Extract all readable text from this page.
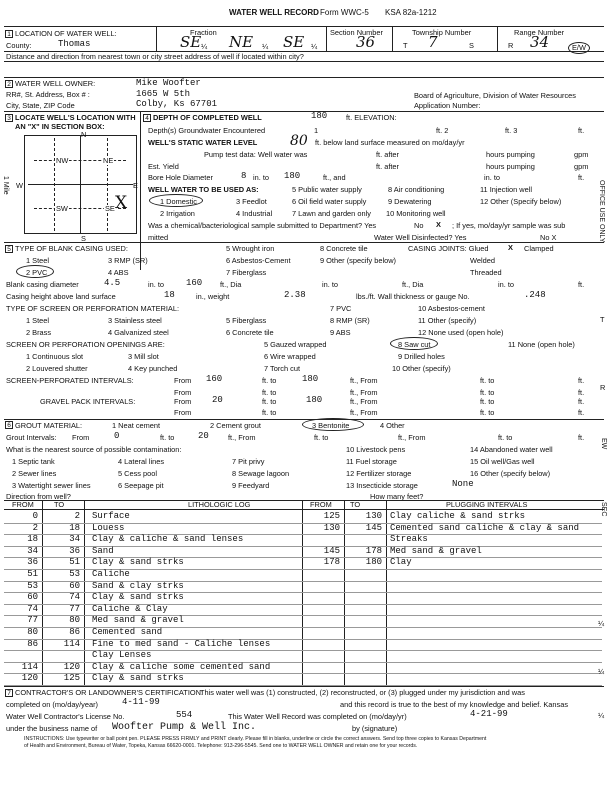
WATER WELL RECORD Form WWC-5 KSA 82a-1212
1 LOCATION OF WATER WELL:
County:	Thomas
Fraction
SE ¼ NE ¼ SE ¼
Section Number
36
Township Number
T 7	S
Range Number
R 34	E/W
Distance and direction from nearest town or city street address of well if located within city?
2 WATER WELL OWNER:	Mike Woofter
RR#, St. Address, Box # :	1665 W 5th
City, State, ZIP Code	Colby, Ks 67701
Board of Agriculture, Division of Water Resources
Application Number:
3 LOCATE WELL'S LOCATION WITH
AN "X" IN SECTION BOX:
N
S
W	E
NW	NE
SW	SE X
1 Mile
4 DEPTH OF COMPLETED WELL	180	ft. ELEVATION:
Depth(s) Groundwater Encountered	1	ft. 2	ft. 3	ft.
WELL'S STATIC WATER LEVEL 80 ft. below land surface measured on mo/day/yr
Pump test data: Well water was	ft. after	hours pumping	gpm
Est. Yield	ft. after	hours pumping	gpm
Bore Hole Diameter	8 in. to 180	ft., and	in. to	ft.
WELL WATER TO BE USED AS:	5 Public water supply	8 Air conditioning	11 Injection well
1 Domestic	3 Feedlot	6 Oil field water supply	9 Dewatering	12 Other (Specify below)
2 Irrigation	4 Industrial	7 Lawn and garden only 10 Monitoring well
Was a chemical/bacteriological sample submitted to Department? Yes	No X ; If yes, mo/day/yr sample was sub
mitted	Water Well Disinfected? Yes	No X
5 TYPE OF BLANK CASING USED:	5 Wrought iron	8 Concrete tile	CASING JOINTS: Glued	X Clamped
1 Steel	3 RMP (SR)	6 Asbestos-Cement	9 Other (specify below)	Welded
2 PVC	4 ABS	7 Fiberglass	Threaded
Blank casing diameter	4.5	in. to 160 ft., Dia	in. to	ft., Dia	in. to	ft.
Casing height above land surface	18	in., weight	2.38	lbs./ft. Wall thickness or gauge No.	.248
TYPE OF SCREEN OR PERFORATION MATERIAL:	7 PVC	10 Asbestos-cement
1 Steel	3 Stainless steel	5 Fiberglass	8 RMP (SR)	11 Other (specify)
2 Brass	4 Galvanized steel	6 Concrete tile	9 ABS	12 None used (open hole)
SCREEN OR PERFORATION OPENINGS ARE:	5 Gauzed wrapped	8 Saw cut	11 None (open hole)
1 Continuous slot	3 Mill slot	6 Wire wrapped	9 Drilled holes
2 Louvered shutter	4 Key punched	7 Torch cut	10 Other (specify)
SCREEN-PERFORATED INTERVALS:	From 160	ft. to	180	ft., From	ft. to	ft.
From	ft. to	ft., From	ft. to	ft.
GRAVEL PACK INTERVALS:	From 20	ft. to	180	ft., From	ft. to	ft.
From	ft. to	ft., From	ft. to	ft.
6 GROUT MATERIAL:	1 Neat cement	2 Cement grout	3 Bentonite	4 Other
Grout Intervals: From	0	ft. to	20	ft., From	ft. to	ft., From	ft. to	ft.
What is the nearest source of possible contamination:	10 Livestock pens	14 Abandoned water well
1 Septic tank	4 Lateral lines	7 Pit privy	11 Fuel storage	15 Oil well/Gas well
2 Sewer lines	5 Cess pool	8 Sewage lagoon	12 Fertilizer storage	16 Other (specify below)
3 Watertight sewer lines	6 Seepage pit	9 Feedyard	13 Insecticide storage	None
Direction from well?	How many feet?
FROM	TO	LITHOLOGIC LOG	FROM TO	PLUGGING INTERVALS
0	2 Surface
2	18 Louess
18	34 Clay & caliche & sand lenses
34	36 Sand
36	51 Clay & sand strks
51	53 Caliche
53	60 Sand & clay strks
60	74 Clay & sand strks
74	77 Caliche & Clay
77	80 Med sand & gravel
80	86 Cemented sand
86	114 Fine to med sand - Caliche lenses
Clay Lenses
114	120 Clay & caliche some cemented sand
120	125 Clay & sand strks
125	130 Clay caliche & sand strks
130	145 Cemented sand caliche & clay & sand
Streaks
145	178 Med sand & gravel
178	180 Clay
7 CONTRACTOR'S OR LANDOWNER'S CERTIFICATION:
This water well was (1) constructed, (2) reconstructed, or (3) plugged under my jurisdiction and was
completed on (mo/day/year)	4-11-99	and this record is true to the best of my knowledge and belief. Kansas
Water Well Contractor's License No.	554	This Water Well Record was completed on (mo/day/yr)	4-21-99
under the business name of Woofter Pump & Well Inc.	by (signature)
INSTRUCTIONS: Use typewriter or ball point pen. PLEASE PRESS FIRMLY and PRINT clearly. Please fill in blanks, underline or circle the correct answers. Send top three copies to Kansas Department
of Health and Environment, Bureau of Water, Topeka, Kansas 66620-0001. Telephone: 913-296-5545. Send one to WATER WELL OWNER and retain one for your records.
OFFICE USE ONLY
T
R
EW
SEC
¼
¼
¼
